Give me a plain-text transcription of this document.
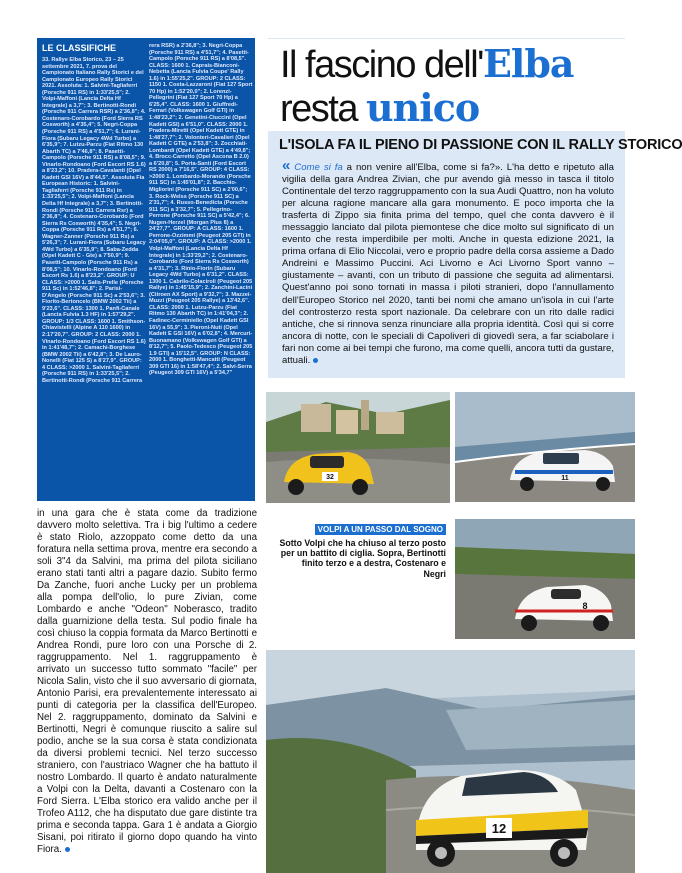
LE CLASSIFICHE
33. Rallye Elba Storico, 23 – 25 settembre 2021, 7. prova del Campionato Italiano Rally Storici e del Campionato Europeo Rally Storici 2021. Assoluta: 1. Salvini-Tagliaferri (Porsche 911 RS) in 1:33'25,5"; 2. Volpi-Maffoni (Lancia Delta Hf Integrale) a 3,7"; 3. Bertinotti-Rondi (Porsche 911 Carrera RSR) a 2'36,8"; 4. Costenaro-Corobardo (Ford Sierra RS Cosworth) a 4'35,4"; 5. Negri-Coppa (Porsche 911 RS) a 4'51,7"; 6. Lurani-Fiora (Subaru Legacy 4Wd Turbo) a 6'35,9"; 7. Lutzu-Parzu (Fiat Ritmo 130 Abarth TC) a 7'46,8"; 8. Pasetti-Campolo (Porsche 911 RS) a 8'08,5"; 9. Vinarlo-Rondoano (Ford Escort RS 1.6) a 8'23,2"; 10. Pradera-Cavalanti (Opel Kadett GSI 16V) a 8'44,5". Assoluta Fia European Historic: 1. Salvini-Tagliaferri (Porsche 911 Rs) in 1:33'25,5"; 2. Volpi-Maffoni (Lancia Delta Hf Integrale) a 3,7"; 3. Bertinotti-Rondi (Porsche 911 Carrera Rsr) a 2'36,8"; 4. Costenaro-Corobardo (Ford Sierra Rs Cosworth) 4'35,4"; 5. Negri-Coppa (Porsche 911 Rs) a 4'51,7"; 6. Wagner-Zanner (Porsche 911 Rs) a 5'26,3"; 7. Lurani-Fiora (Subaru Legacy 4Wd Turbo) a 6'35,9"; 8. Saba-Zedda (Opel Kadett C - Gte) a 7'50,9"; 9. Pasetti-Campolo (Porsche 911 Rs) a 8'08,5"; 10. Vinarlo-Rondoano (Ford Escort Rs 1.6) a 8'23,2". GROUP: U CLASS: >2000 1. Salis-Prelle (Porsche 911 Sc) in 1:52'46,8"; 2. Parisi-D'Angelo (Porsche 911 Sc) a 2'53,6"; 3. Fiorito-Bertoncelo (BMW 2002 Tii) a 9'23,6". CLASS: 1300 1. Panfi-Canale (Lancia Fulvia 1.3 HF) in 1:57'29,2". GROUP: 1/3 CLASS: 1600 1. Smithson-Chiavistelli (Alpine A 110 1600) in 2:17'20,7". GROUP: 2 CLASS: 2000 1. Vinarlo-Rondoano (Ford Escort RS 1.6) in 1:41'48,7"; 2. Camachi-Borghese (BMW 2002 Tii) a 6'42,8"; 3. De Lauro-Nonelli (Fiat 125 S) a 8'27,9". GROUP: 4 CLASS: >2000 1. Salvini-Tagliaferri (Porsche 911 RS) in 1:33'25,5"; 2. Bertinotti-Rondi (Porsche 911 Carrera
rera RSR) a 2'36,8"; 3. Negri-Coppa (Porsche 911 RS) a 4'51,7"; 4. Pasetti-Campolo (Porsche 911 RS) a 8'08,5". CLASS: 1600 1. Caprais-Bianconi-Nebetta (Lancia Fulvia Coupe' Rally 1.6) in 1:55'25,2". GROUP: 2 CLASS: 1150 1. Costa-Lazzaroni (Fiat 127 Sport 70 Hp) in 1:52'20,0"; 2. Lorenzi-Pellegrini (Fiat 127 Sport 70 Hp) a 6'25,4". CLASS: 1600 1. Giuffredi-Ferrari (Volkswagen Golf GTI) in 1:48'23,2"; 2. Genetini-Ciuccini (Opel Kadett GSI) a 6'51,0". CLASS: 2000 1. Pradera-Miretti (Opel Kadett GTE) in 1:48'27,7"; 2. Volonteri-Cavalieri (Opel Kadett C GTE) a 2'53,8"; 3. Zocchiati-Lombardi (Opel Kadett GTE) a 4'49,8"; 4. Brocc-Carretto (Opel Ascona B 2.0) a 6'20,8"; 5. Porta-Santi (Ford Escort RS 2000) a 7'16,5". GROUP: 4 CLASS: >2000 1. Lombardo-Morando (Porsche 911 SC) in 1:45'01,8"; 2. Bacchio-Migliorini (Porsche 911 SC) a 2'00,6"; 3. Rock-Welss (Porsche 911 SC) a 2'31,7"; 4. Russo-Benedicta (Porsche 911 SC) a 3'32,7"; 5. Pellegrino-Perrone (Porsche 911 SC) a 5'42,4"; 6. Nugen-Herzel (Morgan Plus 8) a 24'27,7". GROUP: A CLASS: 1600 1. Perrone-Ozzimmi (Peugeot 205 GTI) in 2:04'05,0". GROUP: A CLASS: >2000 1. Volpi-Maffoni (Lancia Delta Hf Integrale) in 1:33'29,2"; 2. Costenaro-Corobardo (Ford Sierra Rs Cosworth) a 4'31,7"; 3. Rinio-Fiorin (Subaru Legacy 4Wd Turbo) a 6'31,2". CLASS: 1300 1. Cabrilo-Colaciroli (Peugeot 205 Rallye) in 1:45'15,9"; 2. Zanchini-Lacini (Citroen AX Sport) a 9'32,7"; 3. Mazzei-Muzzi (Peugeot 205 Rallye) a 13'42,6". CLASS: 2000 1. Lutzu-Parzu (Fiat Ritmo 130 Abarth TC) in 1:41'04,3"; 2. Fadinec-Cerminiello (Opel Kadett GSI 16V) a 55,9"; 3. Pieroni-Nuti (Opel Kadett E GSI 16V) a 6'02,8"; 4. Mercuri-Buonamano (Volkswagen Golf GTI) a 8'12,7"; 5. Paolo-Tedesco (Peugeot 205 1.9 GTI) a 15'12,5". GROUP: N CLASS: 2000 1. Bonghetti-Mancatti (Peugeot 309 GTI 16) in 1:58'47,4"; 2. Salvi-Serra (Peugeot 309 GTI 16V) a 5'34,7"
Il fascino dell'Elba
resta unico
L'ISOLA FA IL PIENO DI PASSIONE CON IL RALLY STORICO
« Come si fa a non venire all'Elba, come si fa?». L'ha detto e ripetuto alla vigilia della gara Andrea Zivian, che pur avendo già messo in tasca il titolo Continentale del terzo raggruppamento con la sua Audi Quattro, non ha voluto per alcuna ragione mancare alla gara monumento. E poco importa che la trasferta di Zippo sia finita prima del tempo, quel che conta davvero è il messaggio lanciato dal pilota piemontese che dice molto sul significato di un evento che resta imperdibile per molti. Anche in questa edizione 2021, la prima orfana di Elio Niccolai, vero e proprio padre della corsa assieme a Dado Andreini e Massimo Puccini. Aci Livorno e Aci Livorno Sport vanno – giustamente – avanti, con un tributo di passione che seguita ad alimentarsi. Quest'anno poi sono tornati in massa i piloti stranieri, dopo l'annullamento dell'Europeo Storico nel 2020, tanti bei nomi che amano un'isola in cui l'arte del controsterzo resta sport nazionale. Da celebrare con un rito dalle radici antiche, che si rinnova senza rinunciare alla propria identità. Così qui si corre ancora di notte, con le speciali di Capoliveri di giovedì sera, a far sciabolare i fari non come ai bei tempi che furono, ma come quelli, ancora tutti da gustare, attuali.
32	11
VOLPI A UN PASSO DAL SOGNO
Sotto Volpi che ha chiuso al terzo posto per un battito di ciglia. Sopra, Bertinotti finito terzo e a destra, Costenaro e Negri
8
12
in una gara che è stata come da tradizione davvero molto selettiva. Tra i big l'ultimo a cedere è stato Riolo, azzoppato come detto da una foratura nella settima prova, mentre era secondo a soli 3"4 da Salvini, ma prima del pilota siciliano erano stati tanti altri a pagare dazio. Subito fermo Da Zanche, fuori anche Lucky per un problema alla pompa dell'olio, lo pure Zivian, come Lombardo e anche "Odeon" Noberasco, tradito dalla guarnizione della testa. Sul podio finale ha così chiuso la coppia formata da Marco Bertinotti e Andrea Rondi, pure loro con una Porsche di 2. raggruppamento. Nel 1. raggruppamento è arrivato un successo tutto sommato "facile" per Nicola Salin, visto che il suo avversario di giornata, Antonio Parisi, era prevalentemente interessato ai punti di categoria per la classifica dell'Europeo. Nel 2. raggruppamento, dominato da Salvini e Bertinotti, Negri è comunque riuscito a salire sul podio, anche se la sua corsa è stata condizionata da diversi problemi tecnici. Nel terzo successo straniero, con l'austriaco Wagner che ha battuto il nostro Lombardo. Il quarto è andato naturalmente a Volpi con la Delta, davanti a Costenaro con la Ford Sierra. L'Elba storico era valido anche per il Trofeo A112, che ha disputato due gare distinte tra prima e seconda tappa. Gara 1 è andata a Giorgio Sisani, poi ritirato il giorno dopo quando ha vinto Fiora.
